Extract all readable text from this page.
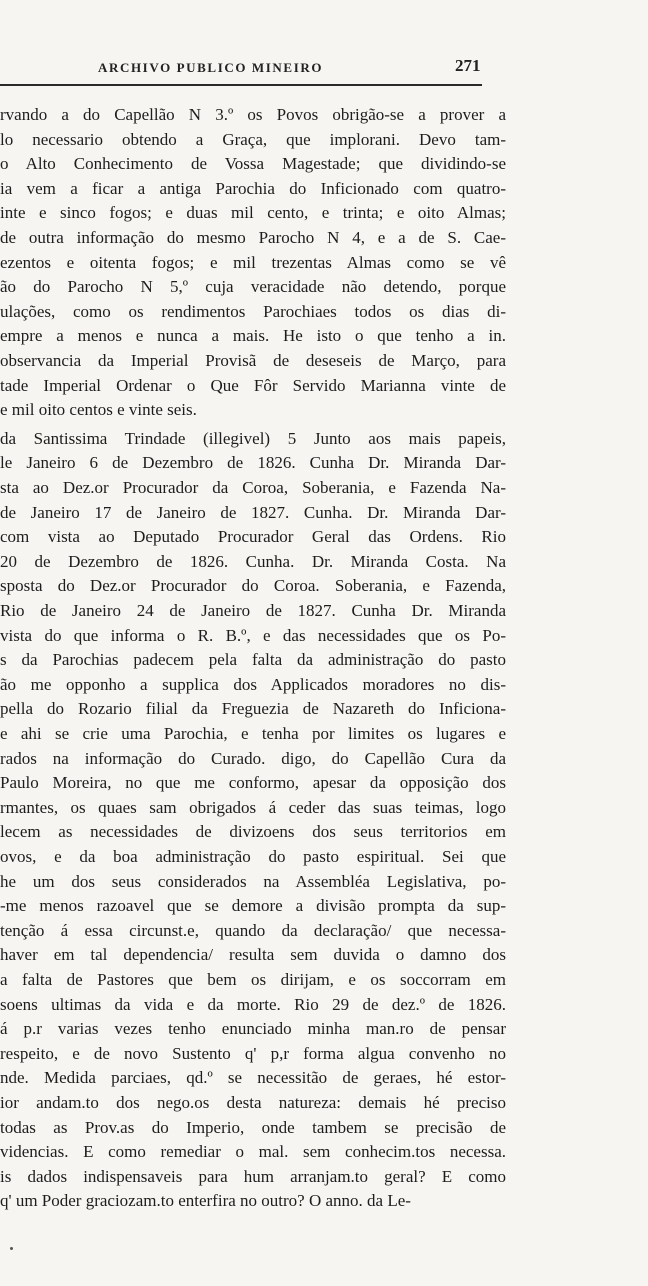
ARCHIVO PUBLICO MINEIRO	271
rvando a do Capellão N 3.º os Povos obrigão-se a prover a
lo necessario obtendo a Graça, que implorani. Devo tam-
o Alto Conhecimento de Vossa Magestade; que dividindo-se
ia vem a ficar a antiga Parochia do Inficionado com quatro-
inte e sinco fogos; e duas mil cento, e trinta; e oito Almas;
de outra informação do mesmo Parocho N 4, e a de S. Cae-
ezentos e oitenta fogos; e mil trezentas Almas como se vê
ão do Parocho N 5,º cuja veracidade não detendo, porque
ulações, como os rendimentos Parochiaes todos os dias di-
empre a menos e nunca a mais. He isto o que tenho a in.
observancia da Imperial Provisã de deseseis de Março, para
tade Imperial Ordenar o Que Fôr Servido Marianna vinte de
e mil oito centos e vinte seis.
da Santissima Trindade (illegivel) 5 Junto aos mais papeis,
le Janeiro 6 de Dezembro de 1826. Cunha Dr. Miranda Dar-
sta ao Dez.or Procurador da Coroa, Soberania, e Fazenda Na-
de Janeiro 17 de Janeiro de 1827. Cunha. Dr. Miranda Dar-
com vista ao Deputado Procurador Geral das Ordens. Rio
20 de Dezembro de 1826. Cunha. Dr. Miranda Costa. Na
sposta do Dez.or Procurador do Coroa. Soberania, e Fazenda,
Rio de Janeiro 24 de Janeiro de 1827. Cunha Dr. Miranda
vista do que informa o R. B.º, e das necessidades que os Po-
s da Parochias padecem pela falta da administração do pasto
ão me opponho a supplica dos Applicados moradores no dis-
pella do Rozario filial da Freguezia de Nazareth do Inficiona-
e ahi se crie uma Parochia, e tenha por limites os lugares e
rados na informação do Curado. digo, do Capellão Cura da
Paulo Moreira, no que me conformo, apesar da opposição dos
rmantes, os quaes sam obrigados á ceder das suas teimas, logo
lecem as necessidades de divizoens dos seus territorios em
ovos, e da boa administração do pasto espiritual. Sei que
he um dos seus considerados na Assembléa Legislativa, po-
-me menos razoavel que se demore a divisão prompta da sup-
tenção á essa circunst.e, quando da declaração/ que necessa-
haver em tal dependencia/ resulta sem duvida o damno dos
a falta de Pastores que bem os dirijam, e os soccorram em
soens ultimas da vida e da morte. Rio 29 de dez.º de 1826.
á p.r varias vezes tenho enunciado minha man.ro de pensar
respeito, e de novo Sustento q' p,r forma algua convenho no
nde. Medida parciaes, qd.º se necessitão de geraes, hé estor-
ior andam.to dos nego.os desta natureza: demais hé preciso
todas as Prov.as do Imperio, onde tambem se precisão de
videncias. E como remediar o mal. sem conhecim.tos necessa.
is dados indispensaveis para hum arranjam.to geral? E como
q' um Poder graciozam.to enterfira no outro? O anno. da Le-
